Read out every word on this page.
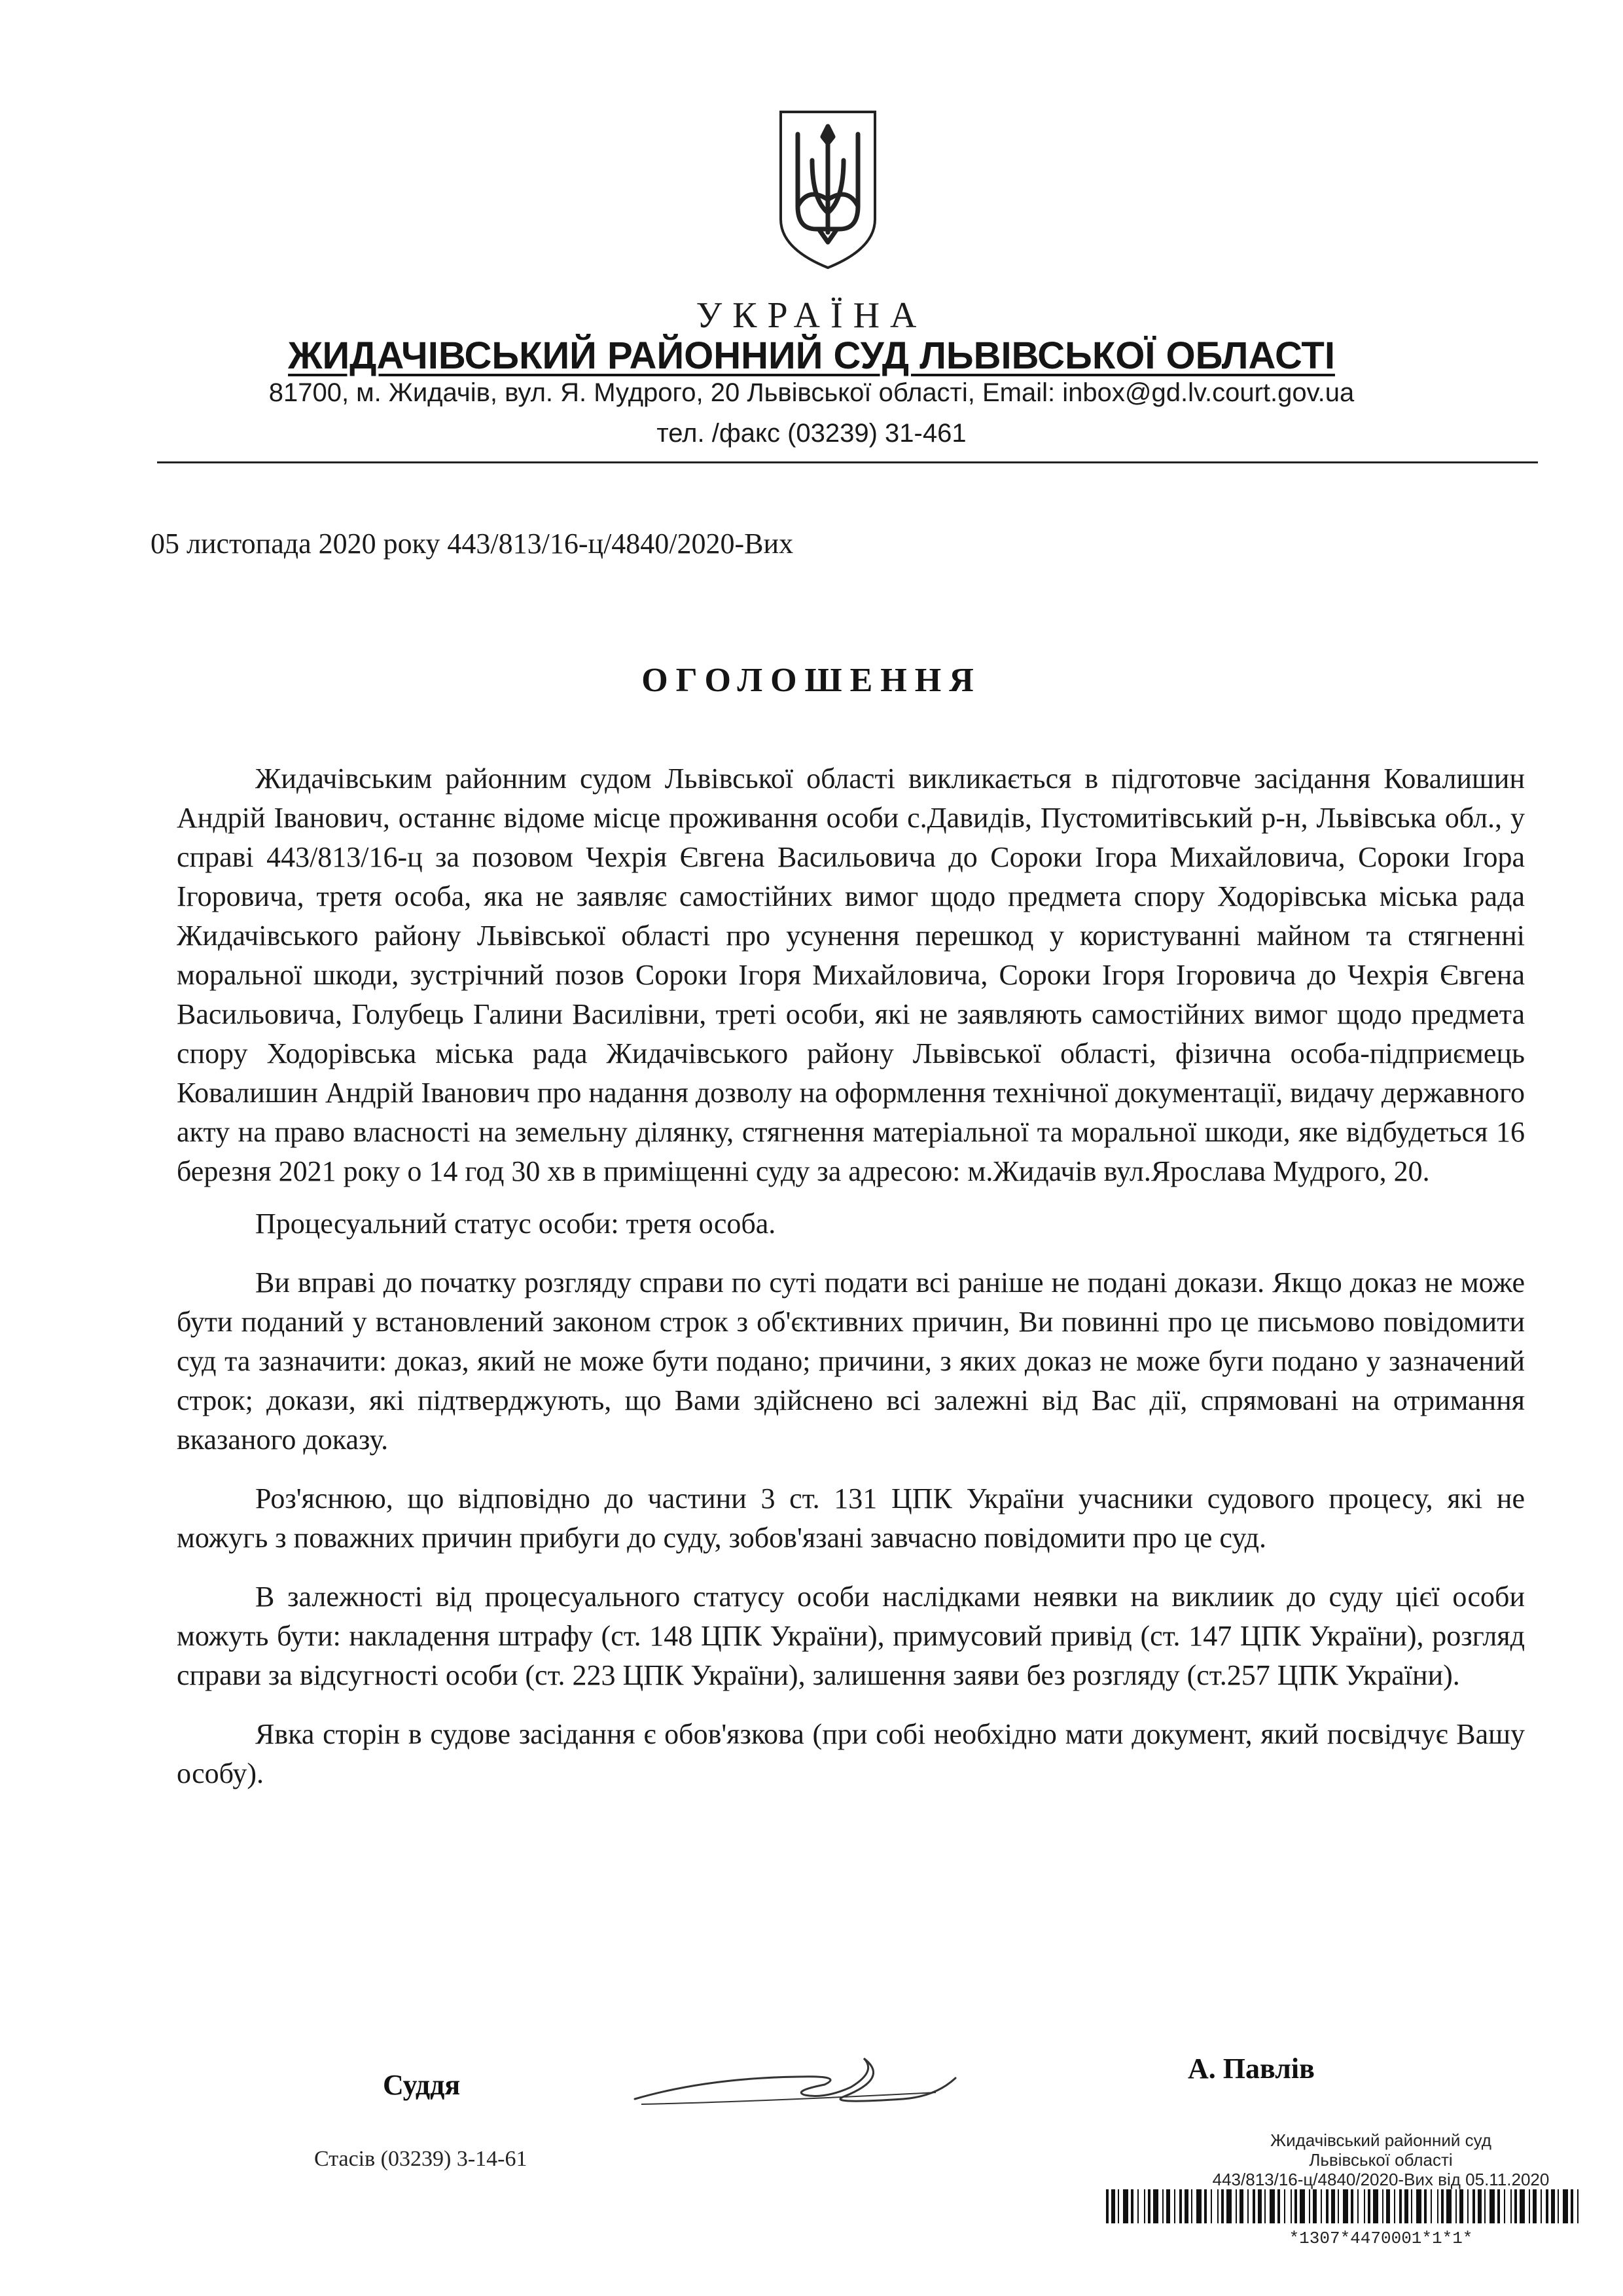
УКРАЇНА
ЖИДАЧІВСЬКИЙ РАЙОННИЙ СУД ЛЬВІВСЬКОЇ ОБЛАСТІ
81700, м. Жидачів, вул. Я. Мудрого, 20 Львівської області, Email: inbox@gd.lv.court.gov.ua
тел. /факс (03239) 31-461
05 листопада 2020 року 443/813/16-ц/4840/2020-Вих
ОГОЛОШЕННЯ

Жидачівським районним судом Львівської області викликається в підготовче засідання Ковалишин Андрій Іванович, останнє відоме місце проживання особи с.Давидів, Пустомитівський р-н, Львівська обл., у справі 443/813/16-ц за позовом Чехрія Євгена Васильовича до Сороки Ігора Михайловича, Сороки Ігора Ігоровича, третя особа, яка не заявляє самостійних вимог щодо предмета спору Ходорівська міська рада Жидачівського району Львівської області про усунення перешкод у користуванні майном та стягненні моральної шкоди, зустрічний позов Сороки Ігоря Михайловича, Сороки Ігоря Ігоровича до Чехрія Євгена Васильовича, Голубець Галини Василівни, треті особи, які не заявляють самостійних вимог щодо предмета спору Ходорівська міська рада Жидачівського району Львівської області, фізична особа-підприємець Ковалишин Андрій Іванович про надання дозволу на оформлення технічної документації, видачу державного акту на право власності на земельну ділянку, стягнення матеріальної та моральної шкоди, яке відбудеться 16 березня 2021 року о 14 год 30 хв в приміщенні суду за адресою: м.Жидачів вул.Ярослава Мудрого, 20.

Процесуальний статус особи: третя особа.

Ви вправі до початку розгляду справи по суті подати всі раніше не подані докази. Якщо доказ не може бути поданий у встановлений законом строк з об'єктивних причин, Ви повинні про це письмово повідомити суд та зазначити: доказ, який не може бути подано; причини, з яких доказ не може буги подано у зазначений строк; докази, які підтверджують, що Вами здійснено всі залежні від Вас дії, спрямовані на отримання вказаного доказу.

Роз'яснюю, що відповідно до частини 3 ст. 131 ЦПК України учасники судового процесу, які не можугь з поважних причин прибуги до суду, зобов'язані завчасно повідомити про це суд.

В залежності від процесуального статусу особи наслідками неявки на виклиик до суду цієї особи можуть бути: накладення штрафу (ст. 148 ЦПК України), примусовий привід (ст. 147 ЦПК України), розгляд справи за відсугності особи (ст. 223 ЦПК України), залишення заяви без розгляду (ст.257 ЦПК України).

Явка сторін в судове засідання є обов'язкова (при собі необхідно мати документ, який посвідчує Вашу особу).

Суддя
А. Павлів
Стасів (03239) 3-14-61
Жидачівський районний суд
Львівської області
443/813/16-ц/4840/2020-Вих від 05.11.2020
*1307*4470001*1*1*
